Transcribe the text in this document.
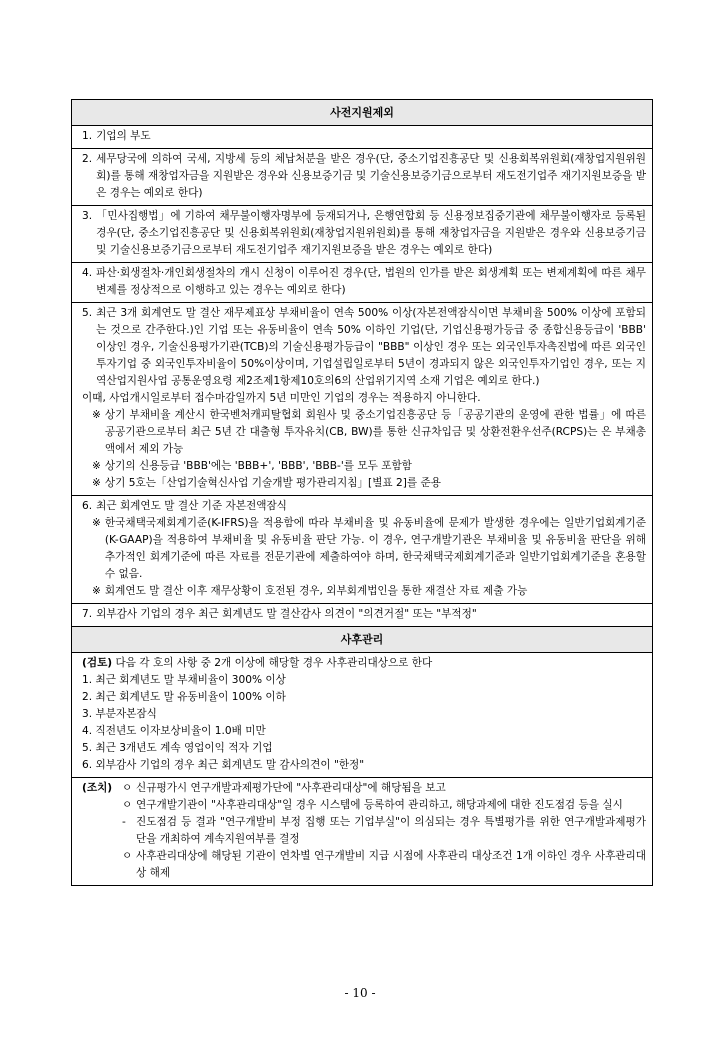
사전지원제외
1. 기업의 부도
2. 세무당국에 의하여 국세, 지방세 등의 체납처분을 받은 경우(단, 중소기업진흥공단 및 신용회복위원회(재창업지원위원회)를 통해 재창업자금을 지원받은 경우와 신용보증기금 및 기술신용보증기금으로부터 재도전기업주 재기지원보증을 받은 경우는 예외로 한다)
3. 「민사집행법」에 기하여 채무불이행자명부에 등재되거나, 은행연합회 등 신용정보집중기관에 채무불이행자로 등록된 경우(단, 중소기업진흥공단 및 신용회복위원회(재창업지원위원회)를 통해 재창업자금을 지원받은 경우와 신용보증기금 및 기술신용보증기금으로부터 재도전기업주 재기지원보증을 받은 경우는 예외로 한다)
4. 파산·회생절차·개인회생절차의 개시 신청이 이루어진 경우(단, 법원의 인가를 받은 회생계획 또는 변제계획에 따른 채무변제를 정상적으로 이행하고 있는 경우는 예외로 한다)
5. 최근 3개 회계연도 말 결산 재무제표상 부채비율이 연속 500% 이상(자본전액잠식이면 부채비율 500% 이상에 포함되는 것으로 간주한다.)인 기업 또는 유동비율이 연속 50% 이하인 기업(단, 기업신용평가등급 중 종합신용등급이 'BBB' 이상인 경우, 기술신용평가기관(TCB)의 기술신용평가등급이 "BBB" 이상인 경우 또는 외국인투자촉진법에 따른 외국인투자기업 중 외국인투자비율이 50%이상이며, 기업설립일로부터 5년이 경과되지 않은 외국인투자기업인 경우, 또는 지역산업지원사업 공통운영요령 제2조제1항제10호의6의 산업위기지역 소재 기업은 예외로 한다.)
이때, 사업개시일로부터 접수마감일까지 5년 미만인 기업의 경우는 적용하지 아니한다.
※ 상기 부채비율 계산시 한국벤처캐피탈협회 회원사 및 중소기업진흥공단 등「공공기관의 운영에 관한 법률」에 따른 공공기관으로부터 최근 5년 간 대출형 투자유치(CB, BW)를 통한 신규차입금 및 상환전환우선주(RCPS)는 은 부채총액에서 제외 가능
※ 상기의 신용등급 'BBB'에는 'BBB+', 'BBB', 'BBB-'를 모두 포함함
※ 상기 5호는「산업기술혁신사업 기술개발 평가관리지침」[별표 2]를 준용
6. 최근 회계연도 말 결산 기준 자본전액잠식
※ 한국채택국제회계기준(K-IFRS)을 적용함에 따라 부채비율 및 유동비율에 문제가 발생한 경우에는 일반기업회계기준(K-GAAP)을 적용하여 부채비율 및 유동비율 판단 가능. 이 경우, 연구개발기관은 부채비율 및 유동비율 판단을 위해 추가적인 회계기준에 따른 자료를 전문기관에 제출하여야 하며, 한국채택국제회계기준과 일반기업회계기준을 혼용할 수 없음.
※ 회계연도 말 결산 이후 재무상황이 호전된 경우, 외부회계법인을 통한 재결산 자료 제출 가능
7. 외부감사 기업의 경우 최근 회계년도 말 결산감사 의견이 "의견거절" 또는 "부적정"
사후관리
(검토) 다음 각 호의 사항 중 2개 이상에 해당할 경우 사후관리대상으로 한다
1. 최근 회계년도 말 부채비율이 300% 이상
2. 최근 회계년도 말 유동비율이 100% 이하
3. 부분자본잠식
4. 직전년도 이자보상비율이 1.0배 미만
5. 최근 3개년도 계속 영업이익 적자 기업
6. 외부감사 기업의 경우 최근 회계년도 말 감사의견이 "한정"
(조치) ㅇ 신규평가시 연구개발과제평가단에 "사후관리대상"에 해당됨을 보고
ㅇ 연구개발기관이 "사후관리대상"일 경우 시스템에 등록하여 관리하고, 해당과제에 대한 진도점검 등을 실시
- 진도점검 등 결과 "연구개발비 부정 집행 또는 기업부실"이 의심되는 경우 특별평가를 위한 연구개발과제평가단을 개최하여 계속지원여부를 결정
ㅇ 사후관리대상에 해당된 기관이 연차별 연구개발비 지급 시점에 사후관리 대상조건 1개 이하인 경우 사후관리대상 해제
- 10 -
